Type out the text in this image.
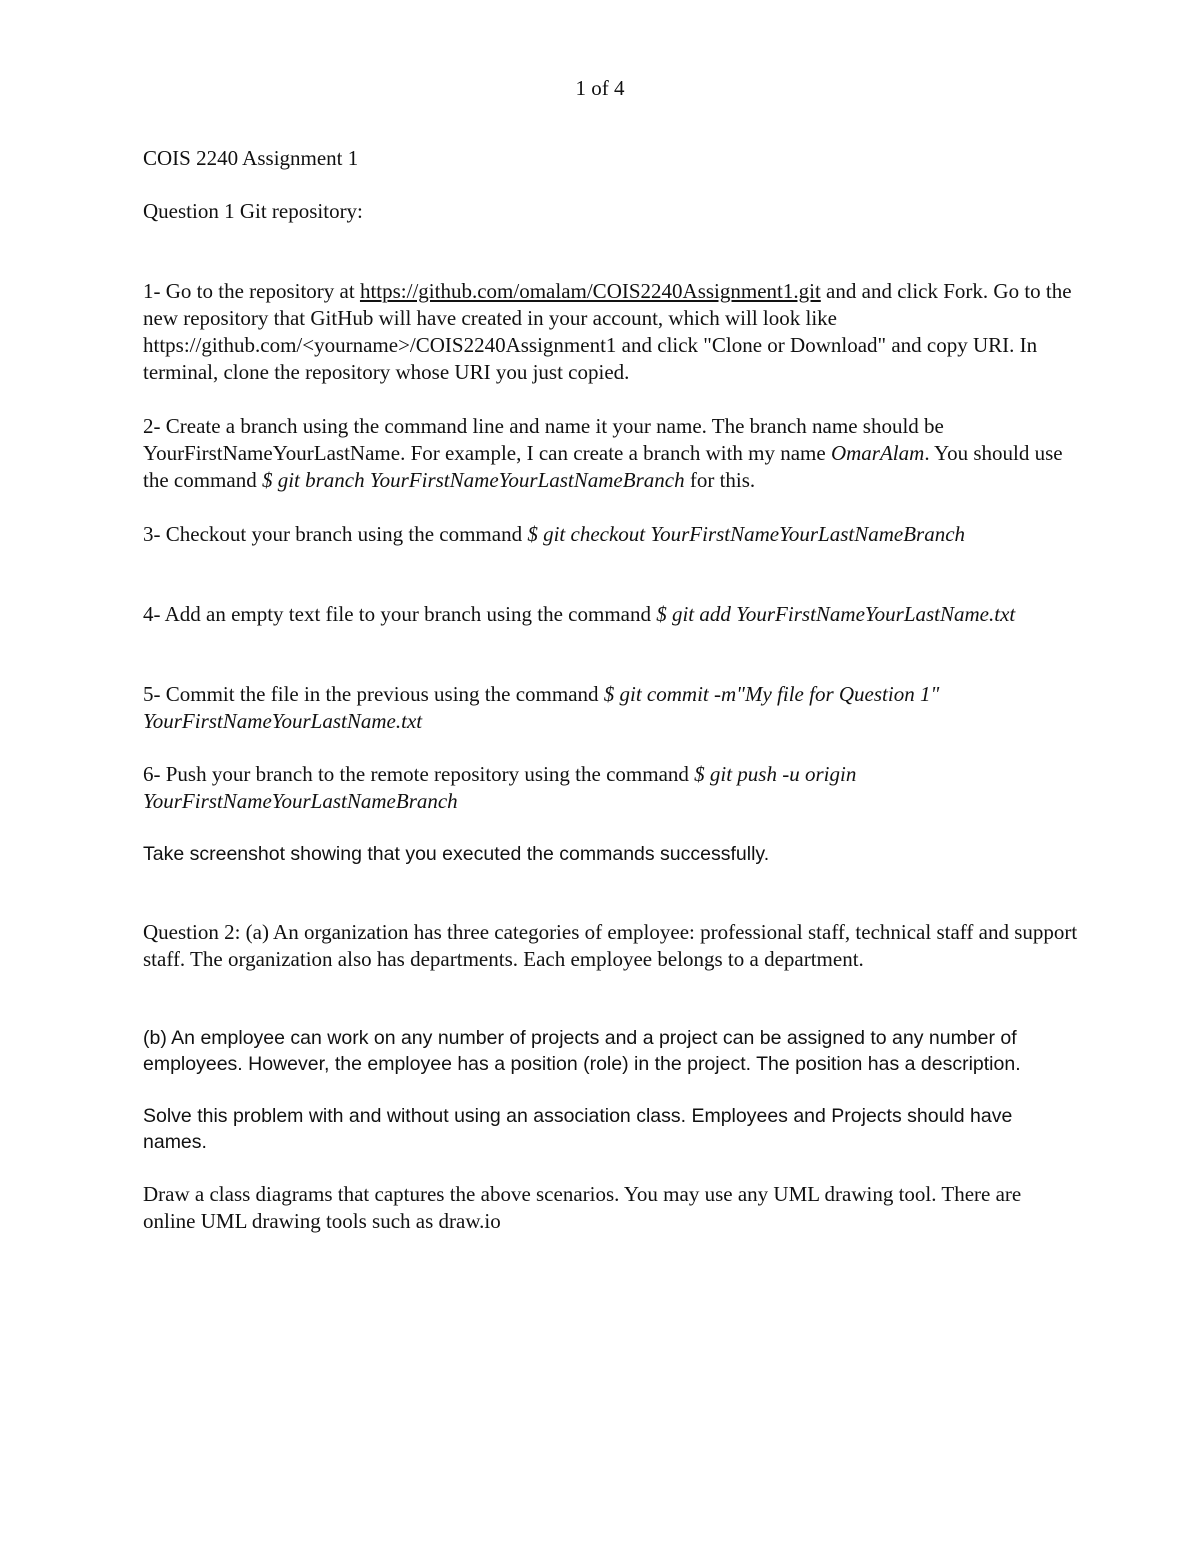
1 of 4

COIS 2240 Assignment 1

Question 1 Git repository:

1- Go to the repository at https://github.com/omalam/COIS2240Assignment1.git and and click Fork. Go to the new repository that GitHub will have created in your account, which will look like https://github.com/<yourname>/COIS2240Assignment1 and click "Clone or Download" and copy URI. In terminal, clone the repository whose URI you just copied.

2- Create a branch using the command line and name it your name. The branch name should be YourFirstNameYourLastName. For example, I can create a branch with my name OmarAlam. You should use the command $ git branch YourFirstNameYourLastNameBranch for this.

3- Checkout your branch using the command $ git checkout YourFirstNameYourLastNameBranch

4- Add an empty text file to your branch using the command $ git add YourFirstNameYourLastName.txt

5- Commit the file in the previous using the command $ git commit -m"My file for Question 1" YourFirstNameYourLastName.txt

6- Push your branch to the remote repository using the command $ git push -u origin YourFirstNameYourLastNameBranch

Take screenshot showing that you executed the commands successfully.

Question 2: (a) An organization has three categories of employee: professional staff, technical staff and support staff. The organization also has departments. Each employee belongs to a department.

(b) An employee can work on any number of projects and a project can be assigned to any number of employees. However, the employee has a position (role) in the project. The position has a description.

Solve this problem with and without using an association class. Employees and Projects should have names.

Draw a class diagrams that captures the above scenarios. You may use any UML drawing tool. There are online UML drawing tools such as draw.io
